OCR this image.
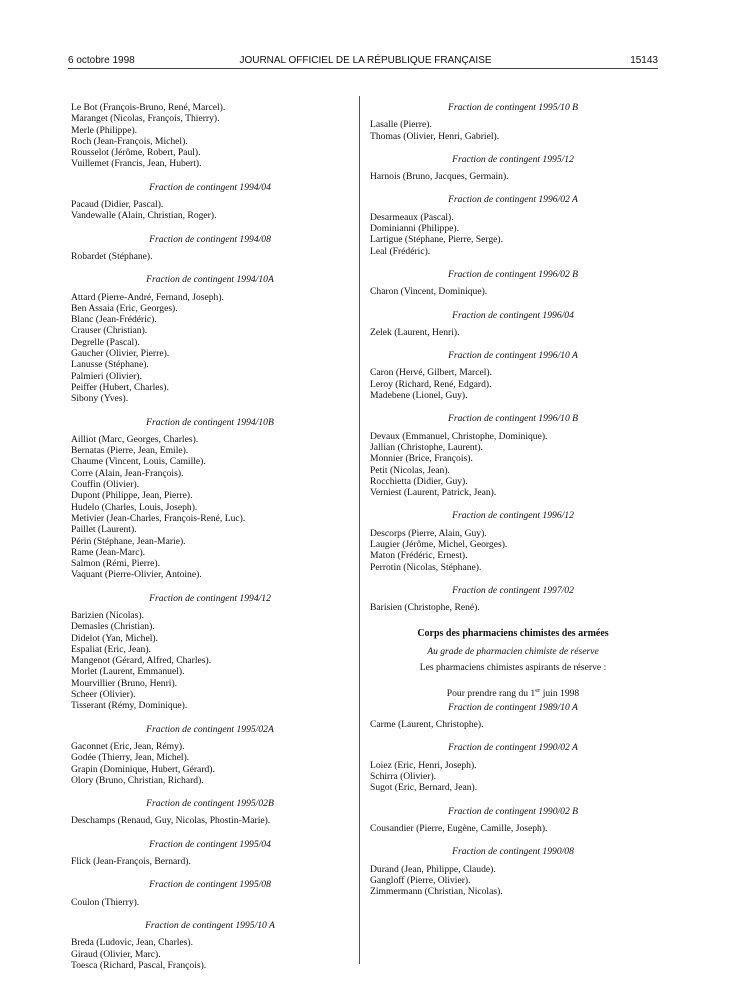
6 octobre 1998	JOURNAL OFFICIEL DE LA RÉPUBLIQUE FRANÇAISE	15143
Le Bot (François-Bruno, René, Marcel).
Maranget (Nicolas, François, Thierry).
Merle (Philippe).
Roch (Jean-François, Michel).
Rousselot (Jérôme, Robert, Paul).
Vuillemet (Francis, Jean, Hubert).
Fraction de contingent 1994/04
Pacaud (Didier, Pascal).
Vandewalle (Alain, Christian, Roger).
Fraction de contingent 1994/08
Robardet (Stéphane).
Fraction de contingent 1994/10A
Attard (Pierre-André, Fernand, Joseph).
Ben Assaia (Eric, Georges).
Blanc (Jean-Frédéric).
Crauser (Christian).
Degrelle (Pascal).
Gaucher (Olivier, Pierre).
Lanusse (Stéphane).
Palmieri (Olivier).
Peiffer (Hubert, Charles).
Sibony (Yves).
Fraction de contingent 1994/10B
Ailliot (Marc, Georges, Charles).
Bernatas (Pierre, Jean, Emile).
Chaume (Vincent, Louis, Camille).
Corre (Alain, Jean-François).
Couffin (Olivier).
Dupont (Philippe, Jean, Pierre).
Hudelo (Charles, Louis, Joseph).
Metivier (Jean-Charles, François-René, Luc).
Paillet (Laurent).
Périn (Stéphane, Jean-Marie).
Rame (Jean-Marc).
Salmon (Rémi, Pierre).
Vaquant (Pierre-Olivier, Antoine).
Fraction de contingent 1994/12
Barizien (Nicolas).
Demasles (Christian).
Didelot (Yan, Michel).
Espaliat (Eric, Jean).
Mangenot (Gérard, Alfred, Charles).
Morlet (Laurent, Emmanuel).
Mourvillier (Bruno, Henri).
Scheer (Olivier).
Tisserant (Rémy, Dominique).
Fraction de contingent 1995/02A
Gaconnet (Eric, Jean, Rémy).
Godée (Thierry, Jean, Michel).
Grapin (Dominique, Hubert, Gérard).
Olory (Bruno, Christian, Richard).
Fraction de contingent 1995/02B
Deschamps (Renaud, Guy, Nicolas, Phostin-Marie).
Fraction de contingent 1995/04
Flick (Jean-François, Bernard).
Fraction de contingent 1995/08
Coulon (Thierry).
Fraction de contingent 1995/10 A
Breda (Ludovic, Jean, Charles).
Giraud (Olivier, Marc).
Toesca (Richard, Pascal, François).
Fraction de contingent 1995/10 B
Lasalle (Pierre).
Thomas (Olivier, Henri, Gabriel).
Fraction de contingent 1995/12
Harnois (Bruno, Jacques, Germain).
Fraction de contingent 1996/02 A
Desarmeaux (Pascal).
Dominianni (Philippe).
Lartigue (Stéphane, Pierre, Serge).
Leal (Frédéric).
Fraction de contingent 1996/02 B
Charon (Vincent, Dominique).
Fraction de contingent 1996/04
Zelek (Laurent, Henri).
Fraction de contingent 1996/10 A
Caron (Hervé, Gilbert, Marcel).
Leroy (Richard, René, Edgard).
Madebene (Lionel, Guy).
Fraction de contingent 1996/10 B
Devaux (Emmanuel, Christophe, Dominique).
Jallian (Christophe, Laurent).
Monnier (Brice, François).
Petit (Nicolas, Jean).
Rocchietta (Didier, Guy).
Verniest (Laurent, Patrick, Jean).
Fraction de contingent 1996/12
Descorps (Pierre, Alain, Guy).
Laugier (Jérôme, Michel, Georges).
Maton (Frédéric, Ernest).
Perrotin (Nicolas, Stéphane).
Fraction de contingent 1997/02
Barisien (Christophe, René).
Corps des pharmaciens chimistes des armées
Au grade de pharmacien chimiste de réserve
Les pharmaciens chimistes aspirants de réserve :
Pour prendre rang du 1er juin 1998
Fraction de contingent 1989/10 A
Carme (Laurent, Christophe).
Fraction de contingent 1990/02 A
Loiez (Eric, Henri, Joseph).
Schirra (Olivier).
Sugot (Eric, Bernard, Jean).
Fraction de contingent 1990/02 B
Cousandier (Pierre, Eugène, Camille, Joseph).
Fraction de contingent 1990/08
Durand (Jean, Philippe, Claude).
Gangloff (Pierre, Olivier).
Zimmermann (Christian, Nicolas).
